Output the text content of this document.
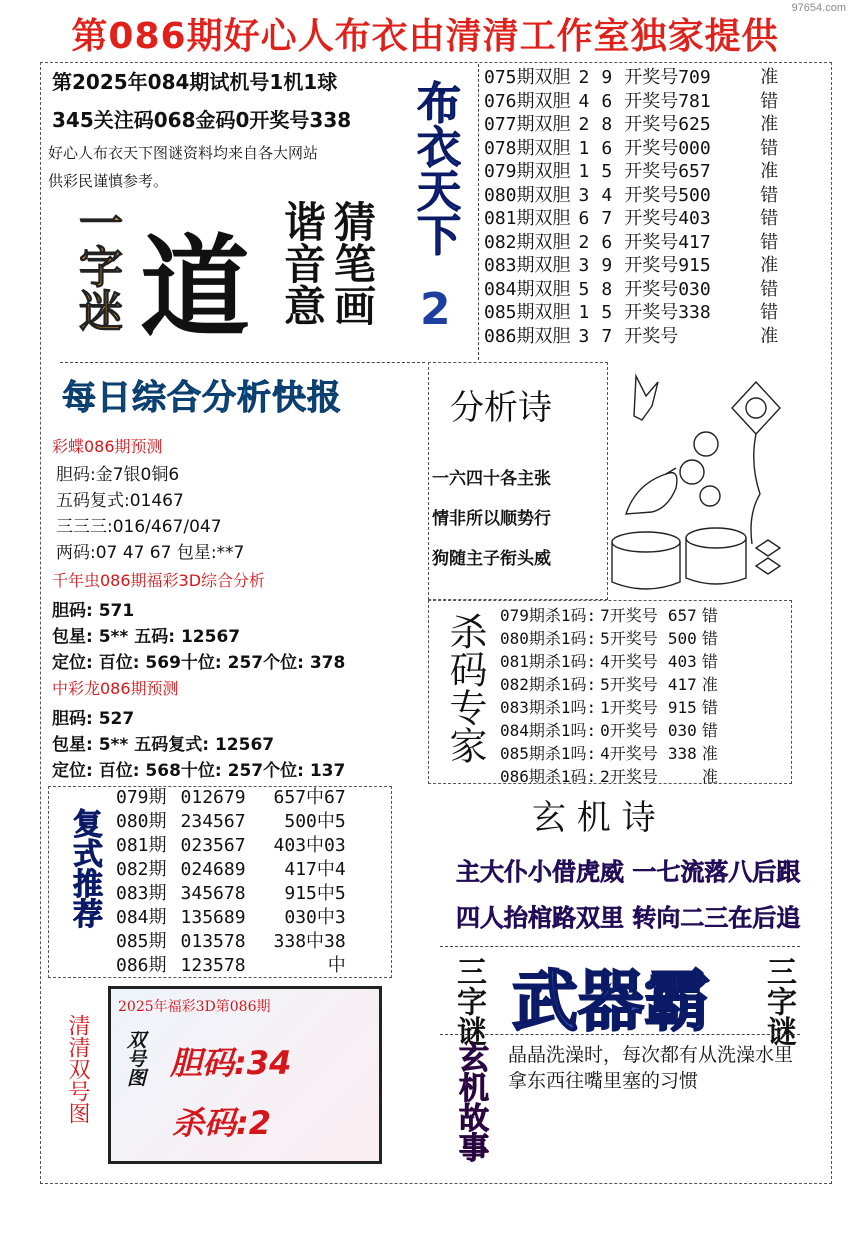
97654.com
第086期好心人布衣由清清工作室独家提供
第2025年084期试机号1机1球
345关注码068金码0开奖号338
好心人布衣天下图谜资料均来自各大网站
供彩民谨慎参考。
一字迷 道 猜笔画
谐音意
布衣天下
2
075期双胆	2	9	开奖号709	准
076期双胆	4	6	开奖号781	错
077期双胆	2	8	开奖号625	准
078期双胆	1	6	开奖号000	错
079期双胆	1	5	开奖号657	准
080期双胆	3	4	开奖号500	错
081期双胆	6	7	开奖号403	错
082期双胆	2	6	开奖号417	错
083期双胆	3	9	开奖号915	准
084期双胆	5	8	开奖号030	错
085期双胆	1	5	开奖号338	错
086期双胆	3	7	开奖号	准
每日综合分析快报
彩蝶086期预测
胆码:金7银0铜6
五码复式:01467
三三三:016/467/047
两码:07 47 67 包星:**7
千年虫086期福彩3D综合分析
胆码: 571
包星: 5** 五码: 12567
定位: 百位: 569十位: 257个位: 378
中彩龙086期预测
胆码: 527
包星: 5** 五码复式: 12567
定位: 百位: 568十位: 257个位: 137
分析诗
一六四十各主张
情非所以顺势行
狗随主子衔头威
杀码专家 079期杀1码:	7开奖号	657	错
080期杀1码:	5开奖号	500	错
081期杀1码:	4开奖号	403	错
082期杀1码:	5开奖号	417	准
083期杀1吗:	1开奖号	915	错
084期杀1吗:	0开奖号	030	错
085期杀1吗:	4开奖号	338	准
086期杀1码:	2开奖号		准
复式推荐
079期	012679	657中67
080期	234567	500中5
081期	023567	403中03
082期	024689	417中4
083期	345678	915中5
084期	135689	030中3
085期	013578	338中38
086期	123578	中
玄 机 诗
主大仆小借虎威 一七流落八后跟
四人抬棺路双里 转向二三在后追
三字谜 武器霸 三字谜
玄机故事 晶晶洗澡时，每次都有从洗澡水里拿东西往嘴里塞的习惯
清清双号图
2025年福彩3D第086期
双号图 胆码:34
杀码:2
